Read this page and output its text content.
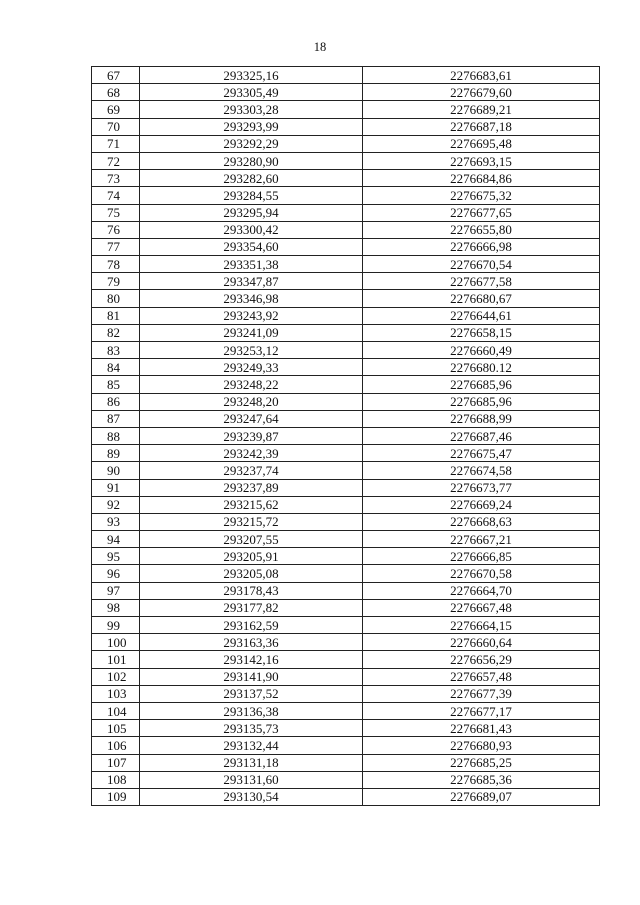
18
67	293325,16	2276683,61
68	293305,49	2276679,60
69	293303,28	2276689,21
70	293293,99	2276687,18
71	293292,29	2276695,48
72	293280,90	2276693,15
73	293282,60	2276684,86
74	293284,55	2276675,32
75	293295,94	2276677,65
76	293300,42	2276655,80
77	293354,60	2276666,98
78	293351,38	2276670,54
79	293347,87	2276677,58
80	293346,98	2276680,67
81	293243,92	2276644,61
82	293241,09	2276658,15
83	293253,12	2276660,49
84	293249,33	2276680.12
85	293248,22	2276685,96
86	293248,20	2276685,96
87	293247,64	2276688,99
88	293239,87	2276687,46
89	293242,39	2276675,47
90	293237,74	2276674,58
91	293237,89	2276673,77
92	293215,62	2276669,24
93	293215,72	2276668,63
94	293207,55	2276667,21
95	293205,91	2276666,85
96	293205,08	2276670,58
97	293178,43	2276664,70
98	293177,82	2276667,48
99	293162,59	2276664,15
100	293163,36	2276660,64
101	293142,16	2276656,29
102	293141,90	2276657,48
103	293137,52	2276677,39
104	293136,38	2276677,17
105	293135,73	2276681,43
106	293132,44	2276680,93
107	293131,18	2276685,25
108	293131,60	2276685,36
109	293130,54	2276689,07
